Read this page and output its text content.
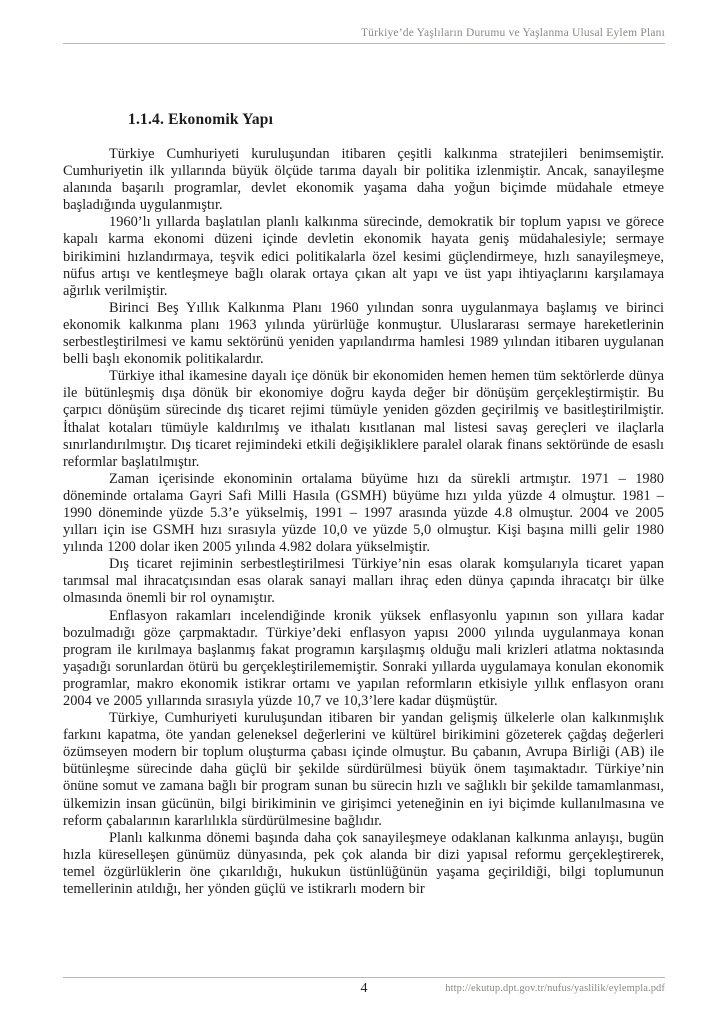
Türkiye’de Yaşlıların Durumu ve Yaşlanma Ulusal Eylem Planı
1.1.4. Ekonomik Yapı

Türkiye Cumhuriyeti kuruluşundan itibaren çeşitli kalkınma stratejileri benimsemiştir. Cumhuriyetin ilk yıllarında büyük ölçüde tarıma dayalı bir politika izlenmiştir. Ancak, sanayileşme alanında başarılı programlar, devlet ekonomik yaşama daha yoğun biçimde müdahale etmeye başladığında uygulanmıştır.

1960’lı yıllarda başlatılan planlı kalkınma sürecinde, demokratik bir toplum yapısı ve görece kapalı karma ekonomi düzeni içinde devletin ekonomik hayata geniş müdahalesiyle; sermaye birikimini hızlandırmaya, teşvik edici politikalarla özel kesimi güçlendirmeye, hızlı sanayileşmeye, nüfus artışı ve kentleşmeye bağlı olarak ortaya çıkan alt yapı ve üst yapı ihtiyaçlarını karşılamaya ağırlık verilmiştir.

Birinci Beş Yıllık Kalkınma Planı 1960 yılından sonra uygulanmaya başlamış ve birinci ekonomik kalkınma planı 1963 yılında yürürlüğe konmuştur. Uluslararası sermaye hareketlerinin serbestleştirilmesi ve kamu sektörünü yeniden yapılandırma hamlesi 1989 yılından itibaren uygulanan belli başlı ekonomik politikalardır.

Türkiye ithal ikamesine dayalı içe dönük bir ekonomiden hemen hemen tüm sektörlerde dünya ile bütünleşmiş dışa dönük bir ekonomiye doğru kayda değer bir dönüşüm gerçekleştirmiştir. Bu çarpıcı dönüşüm sürecinde dış ticaret rejimi tümüyle yeniden gözden geçirilmiş ve basitleştirilmiştir. İthalat kotaları tümüyle kaldırılmış ve ithalatı kısıtlanan mal listesi savaş gereçleri ve ilaçlarla sınırlandırılmıştır. Dış ticaret rejimindeki etkili değişikliklere paralel olarak finans sektöründe de esaslı reformlar başlatılmıştır.

Zaman içerisinde ekonominin ortalama büyüme hızı da sürekli artmıştır. 1971 – 1980 döneminde ortalama Gayri Safi Milli Hasıla (GSMH) büyüme hızı yılda yüzde 4 olmuştur. 1981 – 1990 döneminde yüzde 5.3’e yükselmiş, 1991 – 1997 arasında yüzde 4.8 olmuştur. 2004 ve 2005 yılları için ise GSMH hızı sırasıyla yüzde 10,0 ve yüzde 5,0 olmuştur. Kişi başına milli gelir 1980 yılında 1200 dolar iken 2005 yılında 4.982 dolara yükselmiştir.

Dış ticaret rejiminin serbestleştirilmesi Türkiye’nin esas olarak komşularıyla ticaret yapan tarımsal mal ihracatçısından esas olarak sanayi malları ihraç eden dünya çapında ihracatçı bir ülke olmasında önemli bir rol oynamıştır.

Enflasyon rakamları incelendiğinde kronik yüksek enflasyonlu yapının son yıllara kadar bozulmadığı göze çarpmaktadır. Türkiye’deki enflasyon yapısı 2000 yılında uygulanmaya konan program ile kırılmaya başlanmış fakat programın karşılaşmış olduğu mali krizleri atlatma noktasında yaşadığı sorunlardan ötürü bu gerçekleştirilememiştir. Sonraki yıllarda uygulamaya konulan ekonomik programlar, makro ekonomik istikrar ortamı ve yapılan reformların etkisiyle yıllık enflasyon oranı 2004 ve 2005 yıllarında sırasıyla yüzde 10,7 ve 10,3’lere kadar düşmüştür.

Türkiye, Cumhuriyeti kuruluşundan itibaren bir yandan gelişmiş ülkelerle olan kalkınmışlık farkını kapatma, öte yandan geleneksel değerlerini ve kültürel birikimini gözeterek çağdaş değerleri özümseyen modern bir toplum oluşturma çabası içinde olmuştur. Bu çabanın, Avrupa Birliği (AB) ile bütünleşme sürecinde daha güçlü bir şekilde sürdürülmesi büyük önem taşımaktadır. Türkiye’nin önüne somut ve zamana bağlı bir program sunan bu sürecin hızlı ve sağlıklı bir şekilde tamamlanması, ülkemizin insan gücünün, bilgi birikiminin ve girişimci yeteneğinin en iyi biçimde kullanılmasına ve reform çabalarının kararlılıkla sürdürülmesine bağlıdır.

Planlı kalkınma dönemi başında daha çok sanayileşmeye odaklanan kalkınma anlayışı, bugün hızla küreselleşen günümüz dünyasında, pek çok alanda bir dizi yapısal reformu gerçekleştirerek, temel özgürlüklerin öne çıkarıldığı, hukukun üstünlüğünün yaşama geçirildiği, bilgi toplumunun temellerinin atıldığı, her yönden güçlü ve istikrarlı modern bir

4	http://ekutup.dpt.gov.tr/nufus/yaslilik/eylempla.pdf
